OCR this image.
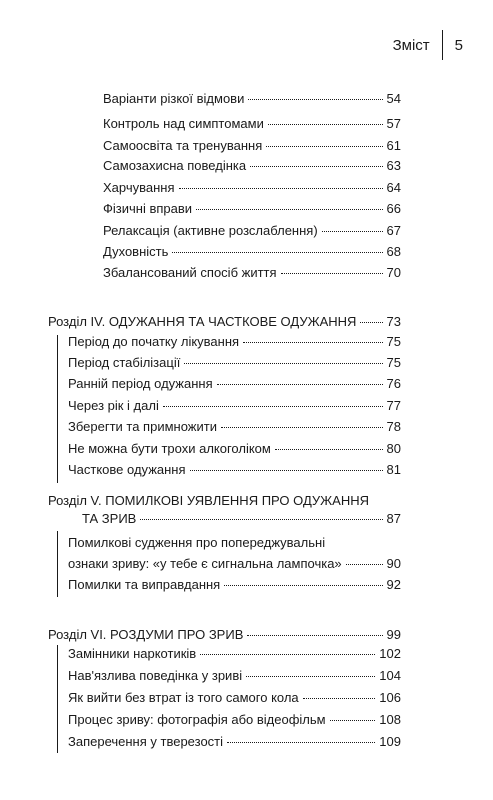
Зміст 5
Варіанти різкої відмови	54
Контроль над симптомами	57
Самоосвіта та тренування	61
Самозахисна поведінка	63
Харчування	64
Фізичні вправи	66
Релаксація (активне розслаблення)	67
Духовність	68
Збалансований спосіб життя	70
Розділ IV. ОДУЖАННЯ ТА ЧАСТКОВЕ ОДУЖАННЯ 73
Період до початку лікування	75
Період стабілізації	75
Ранній період одужання	76
Через рік і далі	77
Зберегти та примножити	78
Не можна бути трохи алкоголіком	80
Часткове одужання	81
Розділ V. ПОМИЛКОВІ УЯВЛЕННЯ ПРО ОДУЖАННЯ
ТА ЗРИВ	87
Помилкові судження про попереджувальні
ознаки зриву: «у тебе є сигнальна лампочка»	90
Помилки та виправдання	92
Розділ VI. РОЗДУМИ ПРО ЗРИВ	99
Замінники наркотиків	102
Нав'язлива поведінка у зриві	104
Як вийти без втрат із того самого кола	106
Процес зриву: фотографія або відеофільм	108
Заперечення у тверезості	109
